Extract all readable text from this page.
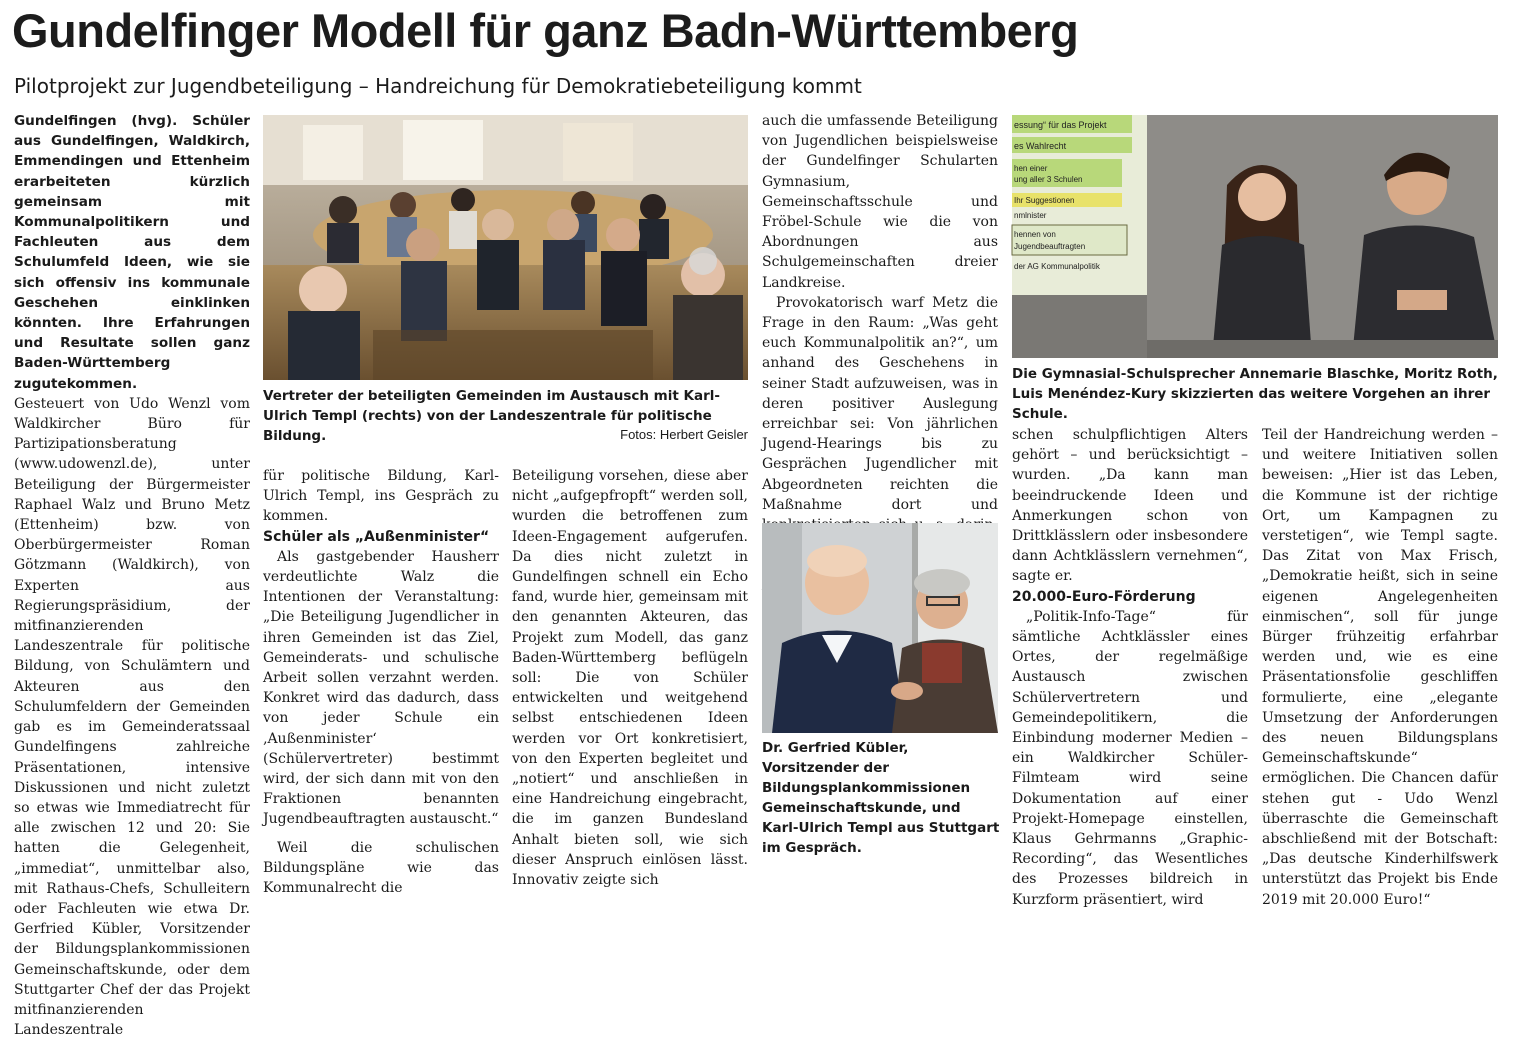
Gundelfinger Modell für ganz Badn-Württemberg
Pilotprojekt zur Jugendbeteiligung – Handreichung für Demokratiebeteiligung kommt

Gundelfingen (hvg). Schüler aus Gundelfingen, Waldkirch, Emmendingen und Ettenheim erarbeiteten kürzlich gemeinsam mit Kommunalpolitikern und Fachleuten aus dem Schulumfeld Ideen, wie sie sich offensiv ins kommunale Geschehen einklinken könnten. Ihre Erfahrungen und Resultate sollen ganz Baden-Württemberg zugutekommen.

Gesteuert von Udo Wenzl vom Waldkircher Büro für Partizipationsberatung (www.udowenzl.de), unter Beteiligung der Bürgermeister Raphael Walz und Bruno Metz (Ettenheim) bzw. von Oberbürgermeister Roman Götzmann (Waldkirch), von Experten aus Regierungspräsidium, der mitfinanzierenden Landeszentrale für politische Bildung, von Schulämtern und Akteuren aus den Schulumfeldern der Gemeinden gab es im Gemeinderatssaal Gundelfingens zahlreiche Präsentationen, intensive Diskussionen und nicht zuletzt so etwas wie Immediatrecht für alle zwischen 12 und 20: Sie hatten die Gelegenheit, „immediat“, unmittelbar also, mit Rathaus-Chefs, Schulleitern oder Fachleuten wie etwa Dr. Gerfried Kübler, Vorsitzender der Bildungsplankommissionen Gemeinschaftskunde, oder dem Stuttgarter Chef der das Projekt mitfinanzierenden Landeszentrale

Vertreter der beteiligten Gemeinden im Austausch mit Karl-Ulrich Templ (rechts) von der Landeszentrale für politische Bildung.	Fotos: Herbert Geisler

für politische Bildung, Karl-Ulrich Templ, ins Gespräch zu kommen.

Schüler als „Außenminister“

Als gastgebender Hausherr verdeutlichte Walz die Intentionen der Veranstaltung: „Die Beteiligung Jugendlicher in ihren Gemeinden ist das Ziel, Gemeinderats- und schulische Arbeit sollen verzahnt werden. Konkret wird das dadurch, dass von jeder Schule ein ‚Außenminister‘ (Schülervertreter) bestimmt wird, der sich dann mit von den Fraktionen benannten Jugendbeauftragten austauscht.“

Weil die schulischen Bildungspläne wie das Kommunalrecht die

Beteiligung vorsehen, diese aber nicht „aufgepfropft“ werden soll, wurden die betroffenen zum Ideen-Engagement aufgerufen. Da dies nicht zuletzt in Gundelfingen schnell ein Echo fand, wurde hier, gemeinsam mit den genannten Akteuren, das Projekt zum Modell, das ganz Baden-Württemberg beflügeln soll: Die von Schüler entwickelten und weitgehend selbst entschiedenen Ideen werden vor Ort konkretisiert, von den Experten begleitet und „notiert“ und anschließen in eine Handreichung eingebracht, die im ganzen Bundesland Anhalt bieten soll, wie sich dieser Anspruch einlösen lässt. Innovativ zeigte sich

auch die umfassende Beteiligung von Jugendlichen beispielsweise der Gundelfinger Schularten Gymnasium, Gemeinschaftsschule und Fröbel-Schule wie die von Abordnungen aus Schulgemeinschaften dreier Landkreise.

Provokatorisch warf Metz die Frage in den Raum: „Was geht euch Kommunalpolitik an?“, um anhand des Geschehens in seiner Stadt aufzuweisen, was in deren positiver Auslegung erreichbar sei: Von jährlichen Jugend-Hearings bis zu Gesprächen Jugendlicher mit Abgeordneten reichten die Maßnahme dort und

Dr. Gerfried Kübler, Vorsitzender der Bildungsplankommissionen Gemeinschaftskunde, und Karl-Ulrich Templ aus Stuttgart im Gespräch.
essung“ für das Projekt
es Wahlrecht
hen einer
ung aller 3 Schulen
Ihr Suggestionen
nmlnister
hennen von
Jugendbeauftragten
der AG Kommunalpolitik
Die Gymnasial-Schulsprecher Annemarie Blaschke, Moritz Roth, Luis Menéndez-Kury skizzierten das weitere Vorgehen an ihrer Schule.

schen schulpflichtigen Alters gehört – und berücksichtigt – wurden. „Da kann man beeindruckende Ideen und Anmerkungen schon von Drittklässlern oder insbesondere dann Achtklässlern vernehmen“, sagte er.

20.000-Euro-Förderung

„Politik-Info-Tage“ für sämtliche Achtklässler eines Ortes, der regelmäßige Austausch zwischen Schülervertretern und Gemeindepolitikern, die Einbindung moderner Medien – ein Waldkircher Schüler-Filmteam wird seine Dokumentation auf einer Projekt-Homepage einstellen, Klaus Gehrmanns „Graphic-Recording“, das Wesentliches des Prozesses bildreich in Kurzform präsentiert, wird

Teil der Handreichung werden – und weitere Initiativen sollen beweisen: „Hier ist das Leben, die Kommune ist der richtige Ort, um Kampagnen zu verstetigen“, wie Templ sagte. Das Zitat von Max Frisch, „Demokratie heißt, sich in seine eigenen Angelegenheiten einmischen“, soll für junge Bürger frühzeitig erfahrbar werden und, wie es eine Präsentationsfolie geschliffen formulierte, eine „elegante Umsetzung der Anforderungen des neuen Bildungsplans Gemeinschaftskunde“ ermöglichen. Die Chancen dafür stehen gut - Udo Wenzl überraschte die Gemeinschaft abschließend mit der Botschaft: „Das deutsche Kinderhilfswerk unterstützt das Projekt bis Ende 2019 mit 20.000 Euro!“
